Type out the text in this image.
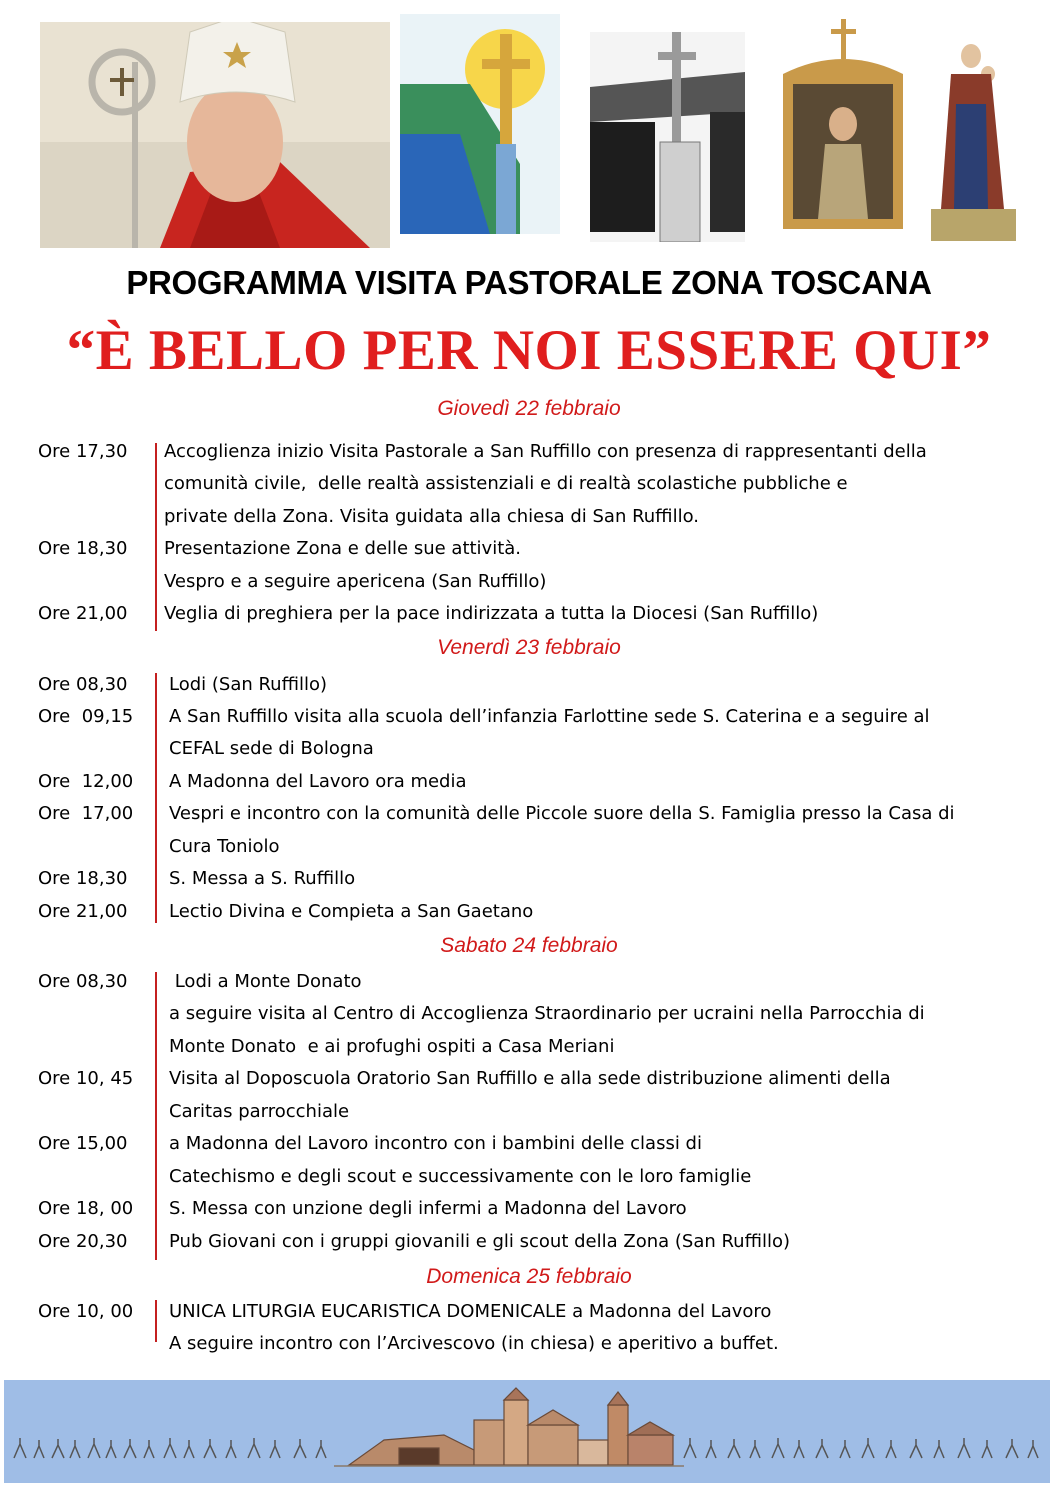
PROGRAMMA VISITA PASTORALE ZONA TOSCANA
“È BELLO PER NOI ESSERE QUI”
Giovedì 22 febbraio
Venerdì 23 febbraio
Sabato 24 febbraio
Domenica 25 febbraio
Ore 17,30 Accoglienza inizio Visita Pastorale a San Ruffillo con presenza di rappresentanti della
comunità civile,  delle realtà assistenziali e di realtà scolastiche pubbliche e
private della Zona. Visita guidata alla chiesa di San Ruffillo.
Ore 18,30 Presentazione Zona e delle sue attività.
Vespro e a seguire apericena (San Ruffillo)
Ore 21,00 Veglia di preghiera per la pace indirizzata a tutta la Diocesi (San Ruffillo)
Ore 08,30 Lodi (San Ruffillo)
Ore  09,15 A San Ruffillo visita alla scuola dell’infanzia Farlottine sede S. Caterina e a seguire al
CEFAL sede di Bologna
Ore  12,00 A Madonna del Lavoro ora media
Ore  17,00 Vespri e incontro con la comunità delle Piccole suore della S. Famiglia presso la Casa di
Cura Toniolo
Ore 18,30 S. Messa a S. Ruffillo
Ore 21,00 Lectio Divina e Compieta a San Gaetano
Ore 08,30 Lodi a Monte Donato
a seguire visita al Centro di Accoglienza Straordinario per ucraini nella Parrocchia di
Monte Donato  e ai profughi ospiti a Casa Meriani
Ore 10, 45 Visita al Doposcuola Oratorio San Ruffillo e alla sede distribuzione alimenti della
Caritas parrocchiale
Ore 15,00 a Madonna del Lavoro incontro con i bambini delle classi di
Catechismo e degli scout e successivamente con le loro famiglie
Ore 18, 00 S. Messa con unzione degli infermi a Madonna del Lavoro
Ore 20,30 Pub Giovani con i gruppi giovanili e gli scout della Zona (San Ruffillo)
Ore 10, 00 UNICA LITURGIA EUCARISTICA DOMENICALE a Madonna del Lavoro
A seguire incontro con l’Arcivescovo (in chiesa) e aperitivo a buffet.
